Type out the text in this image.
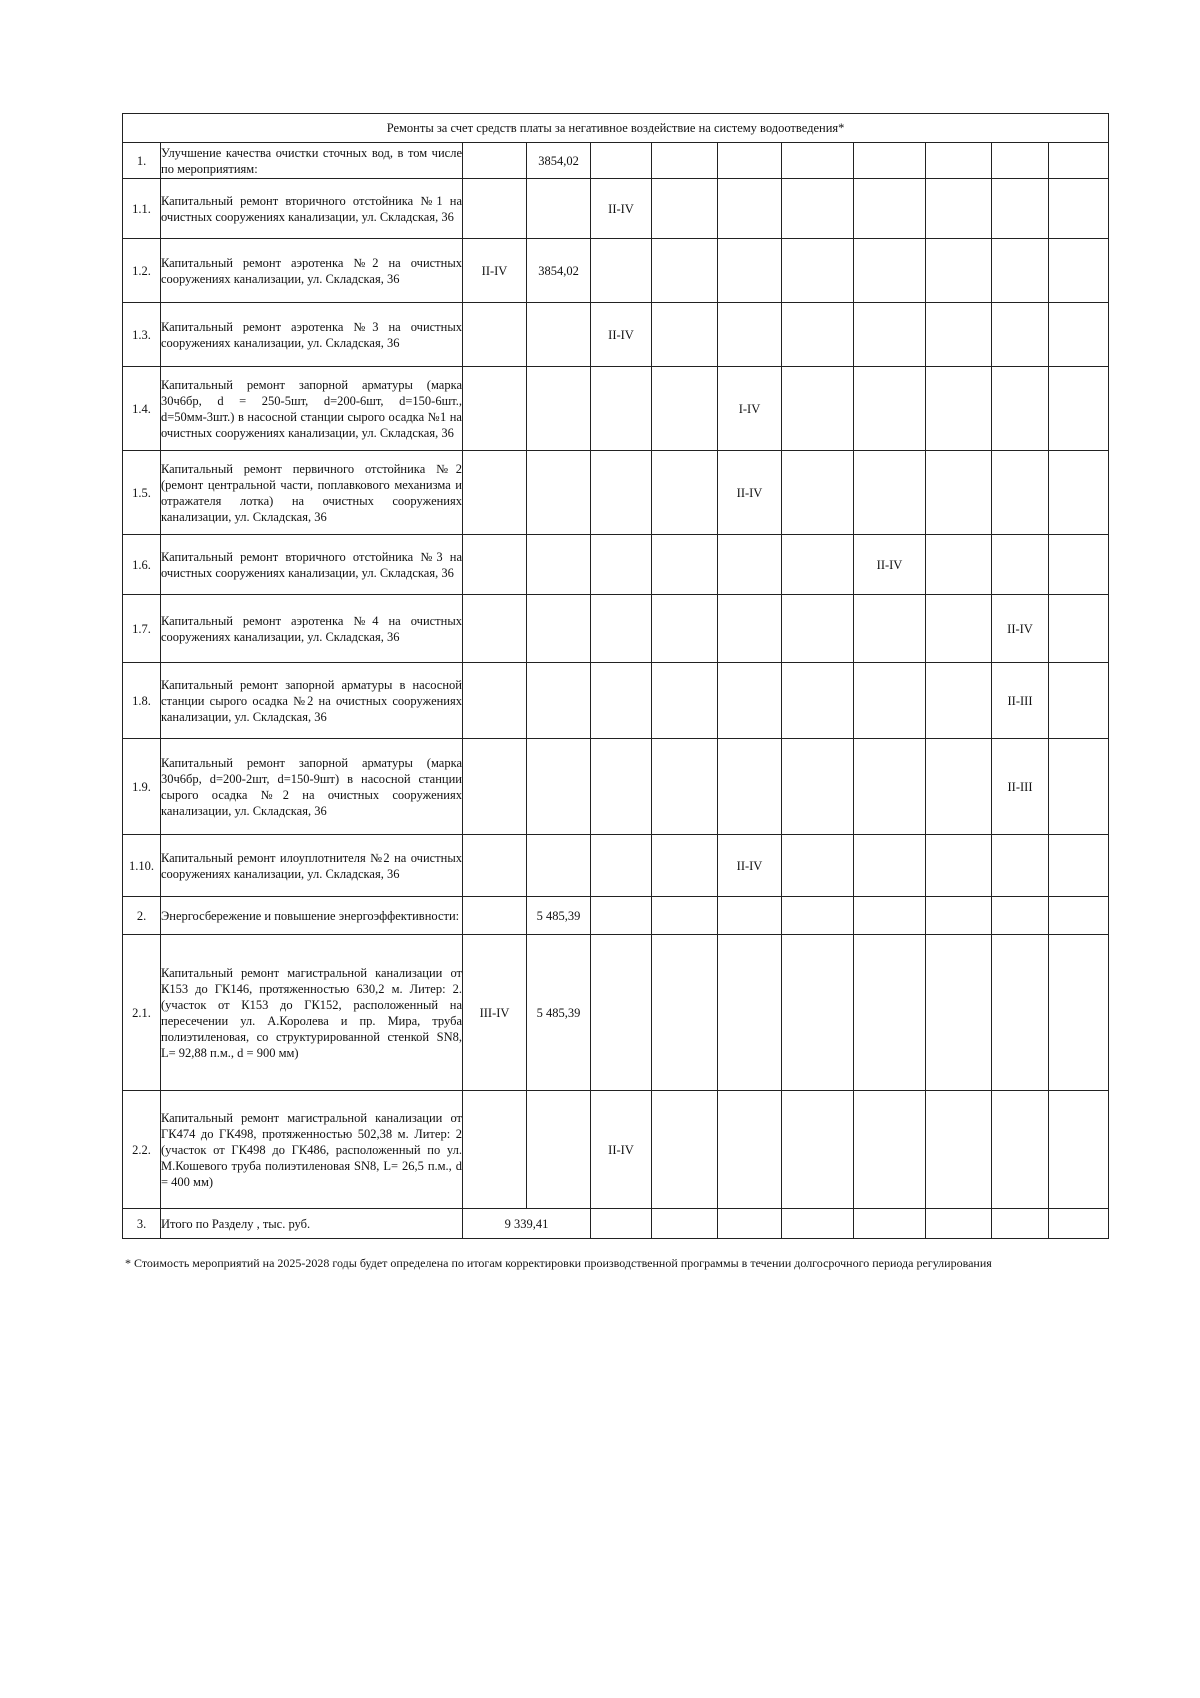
Ремонты за счет средств платы за негативное воздействие на систему водоотведения*											
1.	Улучшение качества очистки сточных вод, в том числе по мероприятиям:		3854,02								
1.1.	Капитальный ремонт вторичного отстойника №1 на очистных сооружениях канализации, ул. Складская, 36			II-IV							
1.2.	Капитальный ремонт аэротенка №2 на очистных сооружениях канализации, ул. Складская, 36	II-IV	3854,02								
1.3.	Капитальный ремонт аэротенка №3 на очистных сооружениях канализации, ул. Складская, 36			II-IV							
1.4.	Капитальный ремонт запорной арматуры (марка 30ч6бр, d = 250-5шт, d=200-6шт, d=150-6шт., d=50мм-3шт.) в насосной станции сырого осадка №1 на очистных сооружениях канализации, ул. Складская, 36					I-IV					
1.5.	Капитальный ремонт первичного отстойника №2 (ремонт центральной части, поплавкового механизма и отражателя лотка) на очистных сооружениях канализации, ул. Складская, 36					II-IV					
1.6.	Капитальный ремонт вторичного отстойника №3 на очистных сооружениях канализации, ул. Складская, 36							II-IV			
1.7.	Капитальный ремонт аэротенка №4 на очистных сооружениях канализации, ул. Складская, 36									II-IV	
1.8.	Капитальный ремонт запорной арматуры в насосной станции сырого осадка №2 на очистных сооружениях канализации, ул. Складская, 36									II-III	
1.9.	Капитальный ремонт запорной арматуры (марка 30ч6бр, d=200-2шт, d=150-9шт) в насосной станции сырого осадка №2 на очистных сооружениях канализации, ул. Складская, 36									II-III	
1.10.	Капитальный ремонт илоуплотнителя №2 на очистных сооружениях канализации, ул. Складская, 36					II-IV					
2.	Энергосбережение и повышение энергоэффективности:		5 485,39								
2.1.	Капитальный ремонт магистральной канализации от К153 до ГК146, протяженностью 630,2 м. Литер: 2. (участок от К153 до ГК152, расположенный на пересечении ул. А.Королева и пр. Мира, труба полиэтиленовая, со структурированной стенкой SN8, L= 92,88 п.м., d = 900 мм)	III-IV	5 485,39								
2.2.	Капитальный ремонт магистральной канализации от ГК474 до ГК498, протяженностью 502,38 м. Литер: 2 (участок от ГК498 до ГК486, расположенный по ул. М.Кошевого труба полиэтиленовая SN8, L= 26,5 п.м., d = 400 мм)			II-IV							
3.	Итого по Разделу , тыс. руб.	9 339,41									
* Стоимость мероприятий на 2025-2028 годы будет определена по итогам корректировки производственной программы в течении долгосрочного периода регулирования
